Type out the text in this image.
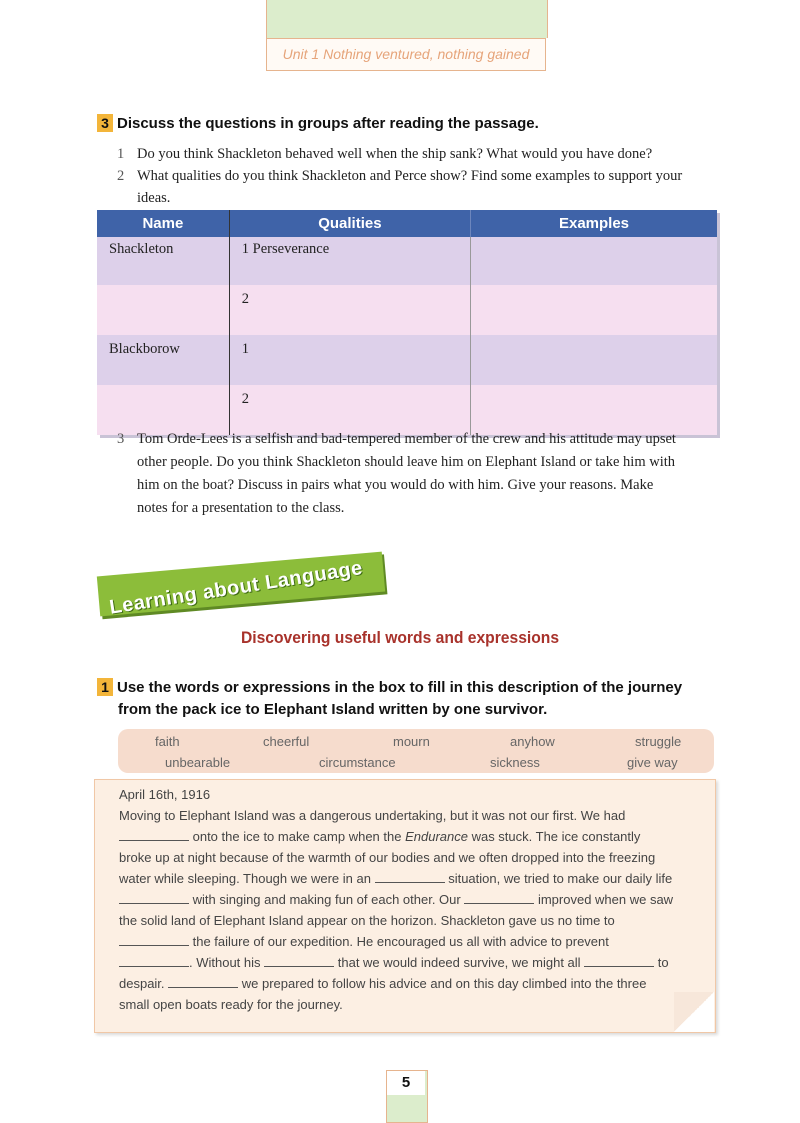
Unit 1 Nothing ventured, nothing gained
3 Discuss the questions in groups after reading the passage.
1 Do you think Shackleton behaved well when the ship sank? What would you have done?
2 What qualities do you think Shackleton and Perce show? Find some examples to support your
ideas.
Name	Qualities	Examples
Shackleton	1 Perseverance	
	2	
Blackborow	1	
	2	
3 Tom Orde-Lees is a selfish and bad-tempered member of the crew and his attitude may upset
other people. Do you think Shackleton should leave him on Elephant Island or take him with
him on the boat? Discuss in pairs what you would do with him. Give your reasons. Make
notes for a presentation to the class.
Learning about Language
Discovering useful words and expressions
1 Use the words or expressions in the box to fill in this description of the journey
from the pack ice to Elephant Island written by one survivor.
faith	cheerful	mourn	anyhow	struggle
unbearable	circumstance	sickness	give way
April 16th, 1916
Moving to Elephant Island was a dangerous undertaking, but it was not our first. We had
onto the ice to make camp when the Endurance was stuck. The ice constantly
broke up at night because of the warmth of our bodies and we often dropped into the freezing
water while sleeping. Though we were in an	situation, we tried to make our daily life
with singing and making fun of each other. Our	improved when we saw
the solid land of Elephant Island appear on the horizon. Shackleton gave us no time to
the failure of our expedition. He encouraged us all with advice to prevent
. Without his	that we would indeed survive, we might all	to
despair.	we prepared to follow his advice and on this day climbed into the three
small open boats ready for the journey.
5
